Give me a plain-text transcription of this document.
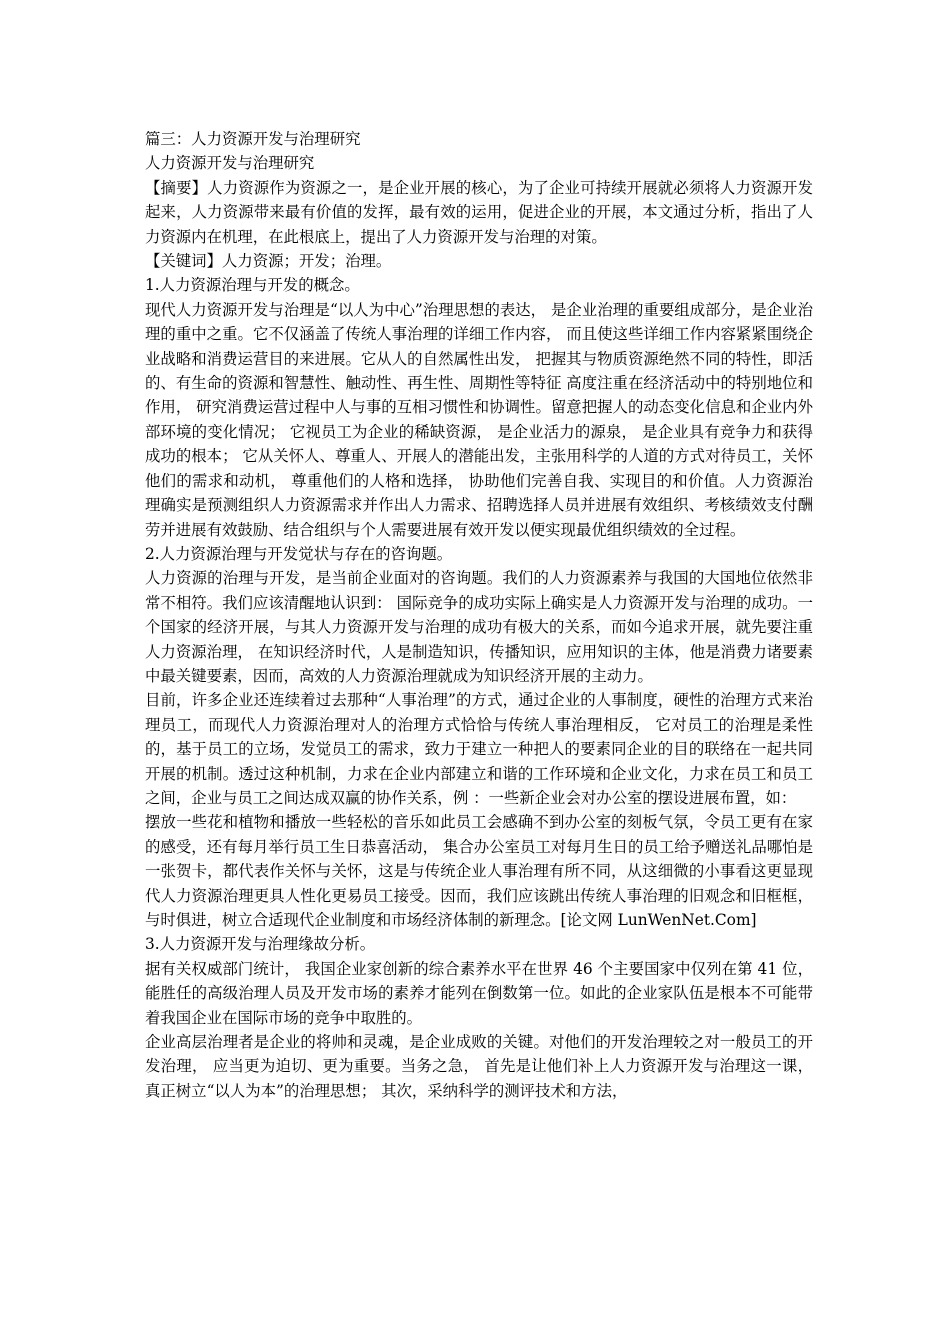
篇三：人力资源开发与治理研究

人力资源开发与治理研究

【摘要】人力资源作为资源之一，是企业开展的核心，为了企业可持续开展就必须将人力资源开发起来，人力资源带来最有价值的发挥，最有效的运用，促进企业的开展，本文通过分析，指出了人力资源内在机理，在此根底上，提出了人力资源开发与治理的对策。

【关键词】人力资源；开发；治理。

1.人力资源治理与开发的概念。

现代人力资源开发与治理是“以人为中心”治理思想的表达， 是企业治理的重要组成部分，是企业治理的重中之重。它不仅涵盖了传统人事治理的详细工作内容， 而且使这些详细工作内容紧紧围绕企业战略和消费运营目的来进展。它从人的自然属性出发， 把握其与物质资源绝然不同的特性，即活的、有生命的资源和智慧性、触动性、再生性、周期性等特征 高度注重在经济活动中的特别地位和作用， 研究消费运营过程中人与事的互相习惯性和协调性。留意把握人的动态变化信息和企业内外部环境的变化情况； 它视员工为企业的稀缺资源， 是企业活力的源泉， 是企业具有竞争力和获得成功的根本； 它从关怀人、尊重人、开展人的潜能出发，主张用科学的人道的方式对待员工，关怀他们的需求和动机， 尊重他们的人格和选择， 协助他们完善自我、实现目的和价值。人力资源治理确实是预测组织人力资源需求并作出人力需求、招聘选择人员并进展有效组织、考核绩效支付酬劳并进展有效鼓励、结合组织与个人需要进展有效开发以便实现最优组织绩效的全过程。

2.人力资源治理与开发觉状与存在的咨询题。

人力资源的治理与开发，是当前企业面对的咨询题。我们的人力资源素养与我国的大国地位依然非常不相符。我们应该清醒地认识到： 国际竞争的成功实际上确实是人力资源开发与治理的成功。一个国家的经济开展，与其人力资源开发与治理的成功有极大的关系，而如今追求开展，就先要注重人力资源治理， 在知识经济时代，人是制造知识，传播知识，应用知识的主体，他是消费力诸要素中最关键要素，因而，高效的人力资源治理就成为知识经济开展的主动力。

目前，许多企业还连续着过去那种“人事治理”的方式，通过企业的人事制度，硬性的治理方式来治理员工，而现代人力资源治理对人的治理方式恰恰与传统人事治理相反， 它对员工的治理是柔性的，基于员工的立场，发觉员工的需求，致力于建立一种把人的要素同企业的目的联络在一起共同开展的机制。透过这种机制，力求在企业内部建立和谐的工作环境和企业文化，力求在员工和员工之间，企业与员工之间达成双赢的协作关系，例 ：一些新企业会对办公室的摆设进展布置，如：

摆放一些花和植物和播放一些轻松的音乐如此员工会感确不到办公室的刻板气氛，令员工更有在家的感受，还有每月举行员工生日恭喜活动， 集合办公室员工对每月生日的员工给予赠送礼品哪怕是一张贺卡，都代表作关怀与关怀，这是与传统企业人事治理有所不同，从这细微的小事看这更显现代人力资源治理更具人性化更易员工接受。因而，我们应该跳出传统人事治理的旧观念和旧框框，与时俱进，树立合适现代企业制度和市场经济体制的新理念。[论文网 LunWenNet.Com]

3.人力资源开发与治理缘故分析。

据有关权威部门统计， 我国企业家创新的综合素养水平在世界 46 个主要国家中仅列在第 41 位，能胜任的高级治理人员及开发市场的素养才能列在倒数第一位。如此的企业家队伍是根本不可能带着我国企业在国际市场的竞争中取胜的。

企业高层治理者是企业的将帅和灵魂，是企业成败的关键。对他们的开发治理较之对一般员工的开发治理， 应当更为迫切、更为重要。当务之急， 首先是让他们补上人力资源开发与治理这一课， 真正树立“以人为本”的治理思想； 其次，采纳科学的测评技术和方法，
